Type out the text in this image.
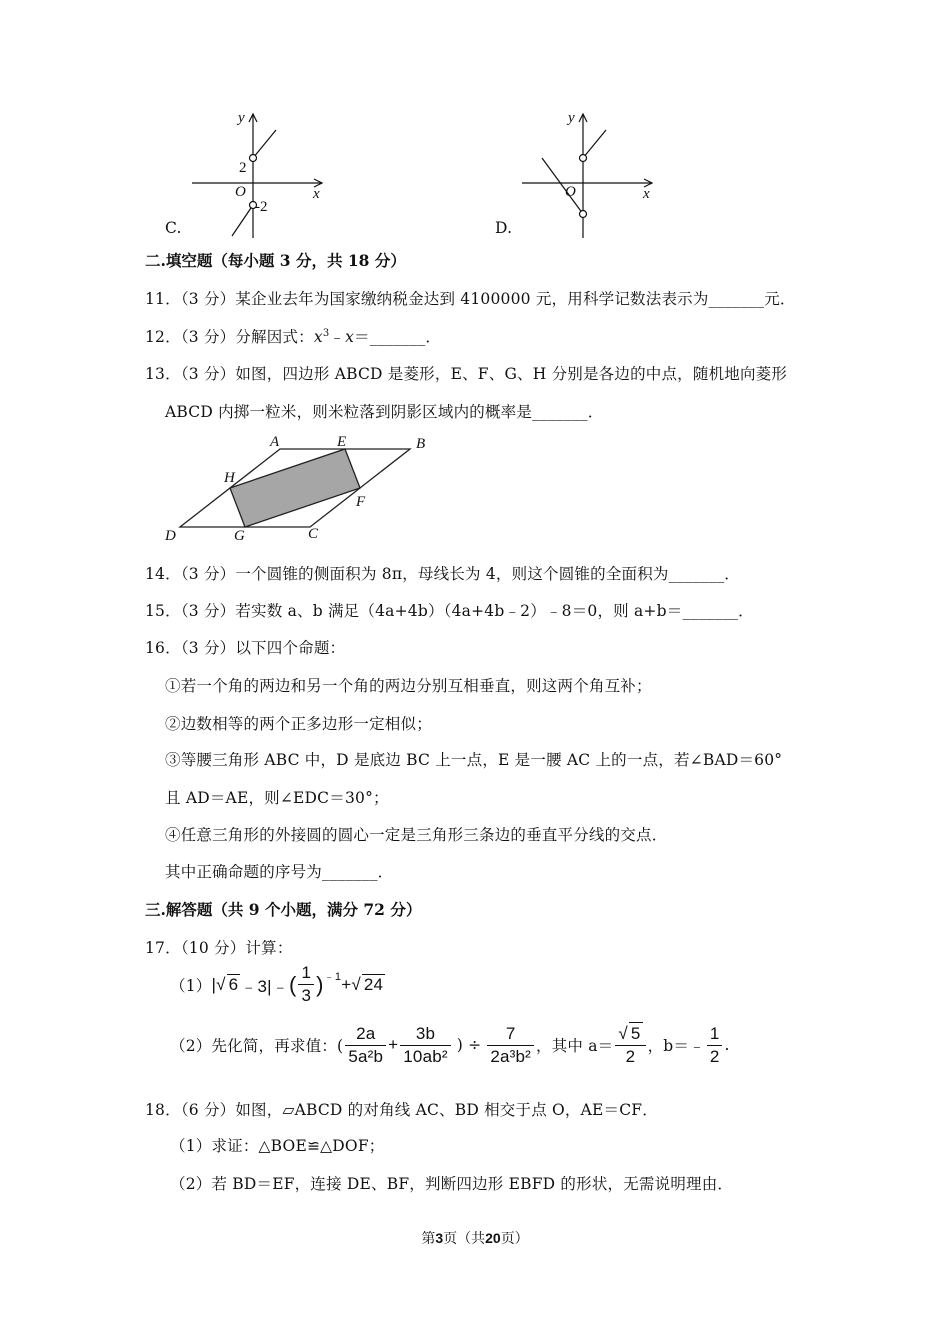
y
x
O
2
-2
C.
y
x
O
D.
二.填空题（每小题 3 分，共 18 分）
11．（3 分）某企业去年为国家缴纳税金达到 4100000 元，用科学记数法表示为_______元．
12．（3 分）分解因式：$x^3﹣x=\_\_\_\_\_\_\_$．
13．（3 分）如图，四边形 ABCD 是菱形，E、F、G、H 分别是各边的中点，随机地向菱形
ABCD 内掷一粒米，则米粒落到阴影区域内的概率是_______．
A	E	B
H
F
D	G	C
14．（3 分）一个圆锥的侧面积为 8π，母线长为 4，则这个圆锥的全面积为_______．
15．（3 分）若实数 a、b 满足（4a+4b）（4a+4b﹣2）﹣8＝0，则 a+b＝_______．
16．（3 分）以下四个命题：
①若一个角的两边和另一个角的两边分别互相垂直，则这两个角互补；
②边数相等的两个正多边形一定相似；
③等腰三角形 ABC 中，D 是底边 BC 上一点，E 是一腰 AC 上的一点，若∠BAD＝60°
且 AD＝AE，则∠EDC＝30°；
④任意三角形的外接圆的圆心一定是三角形三条边的垂直平分线的交点．
其中正确命题的序号为_______．
三.解答题（共 9 个小题，满分 72 分）
17．（10 分）计算：
（1） | √ 6 ﹣3|﹣ ( $\frac{1}{3} )^{﹣1}$ + √ 24
（2）先化简，再求值：( $\frac{2a}{\text{5a²b}} + \frac{3b}{\text{10ab²}}$ ) ÷ $\frac{7}{\text{2a³b²}}$ ，其中 $a= \frac{√ 5}{2}$ ，b＝﹣ $\frac{1}{2}$ .
18．（6 分）如图，▱ABCD 的对角线 AC、BD 相交于点 O，AE＝CF．
（1）求证：△BOE≌△DOF；
（2）若 BD＝EF，连接 DE、BF，判断四边形 EBFD 的形状，无需说明理由．
第3页（共20页）
